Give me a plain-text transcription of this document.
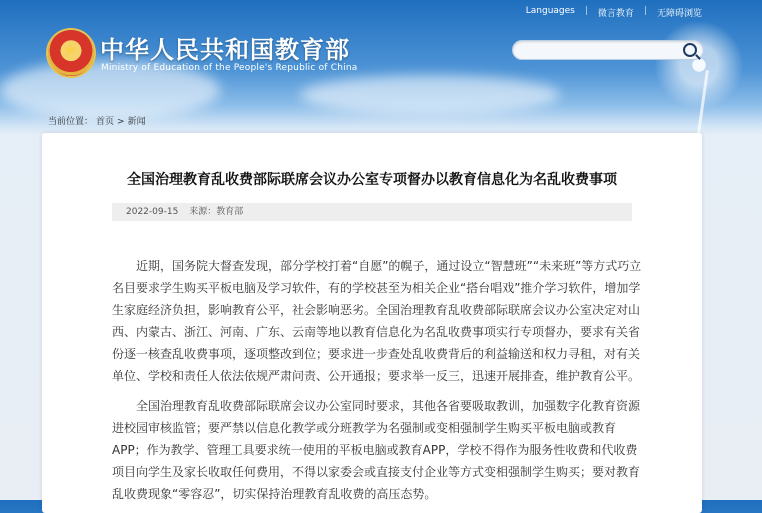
Languages | 微言教育 | 无障碍浏览
★ 中华人民共和国教育部
Ministry of Education of the People's Republic of China
当前位置： 首页 > 新闻
全国治理教育乱收费部际联席会议办公室专项督办以教育信息化为名乱收费事项
2022-09-15 来源：教育部

近期，国务院大督查发现，部分学校打着“自愿”的幌子，通过设立“智慧班”“未来班”等方式巧立名目要求学生购买平板电脑及学习软件，有的学校甚至为相关企业“搭台唱戏”推介学习软件，增加学生家庭经济负担，影响教育公平，社会影响恶劣。全国治理教育乱收费部际联席会议办公室决定对山西、内蒙古、浙江、河南、广东、云南等地以教育信息化为名乱收费事项实行专项督办，要求有关省份逐一核查乱收费事项，逐项整改到位；要求进一步查处乱收费背后的利益输送和权力寻租，对有关单位、学校和责任人依法依规严肃问责、公开通报；要求举一反三，迅速开展排查，维护教育公平。

全国治理教育乱收费部际联席会议办公室同时要求，其他各省要吸取教训，加强数字化教育资源进校园审核监管；要严禁以信息化教学或分班教学为名强制或变相强制学生购买平板电脑或教育APP；作为教学、管理工具要求统一使用的平板电脑或教育APP，学校不得作为服务性收费和代收费项目向学生及家长收取任何费用，不得以家委会或直接支付企业等方式变相强制学生购买；要对教育乱收费现象“零容忍”，切实保持治理教育乱收费的高压态势。
